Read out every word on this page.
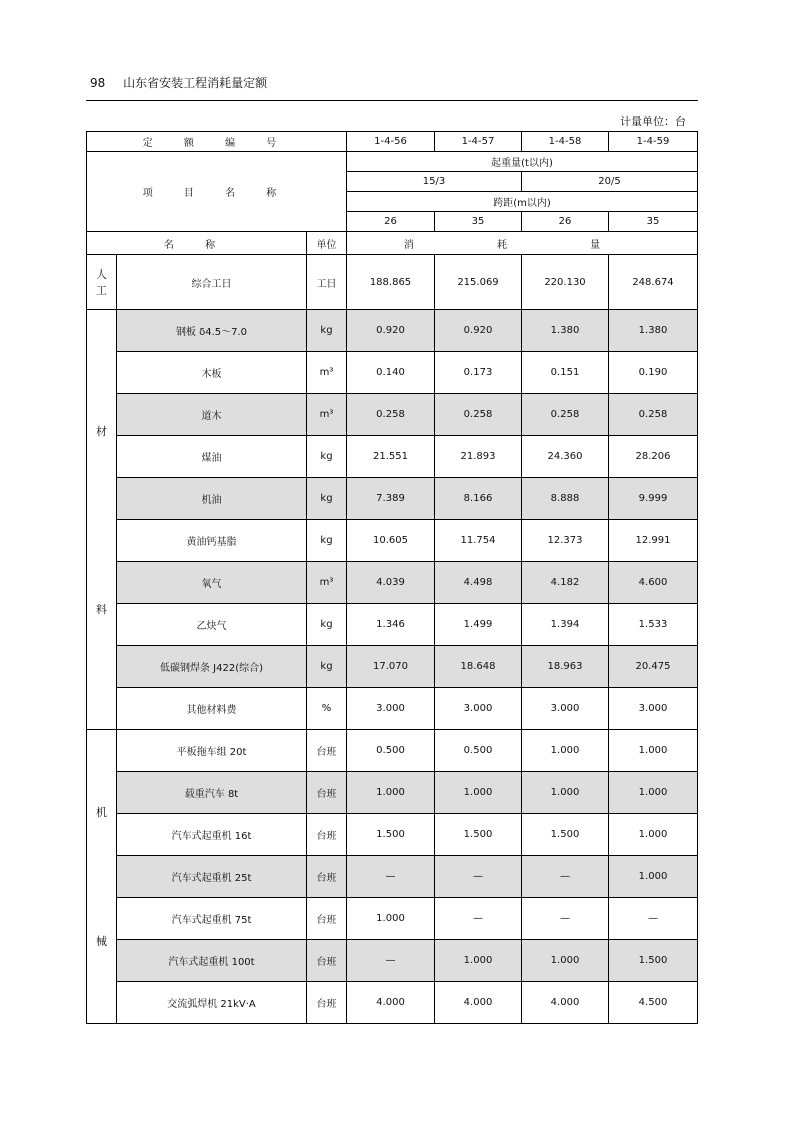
98 山东省安装工程消耗量定额
计量单位：台
定 额 编 号			1-4-56	1-4-57	1-4-58	1-4-59
项 目 名 称			起重量(t以内)			
			15/3		20/5	
			跨距(m以内)			
			26	35	26	35
名 称		单位	消 耗 量			

人
工	综合工日	工日	188.865	215.069	220.130	248.674

材
料	钢板 δ4.5～7.0	kg	0.920	0.920	1.380	1.380
	木板	m³	0.140	0.173	0.151	0.190
	道木	m³	0.258	0.258	0.258	0.258
	煤油	kg	21.551	21.893	24.360	28.206
	机油	kg	7.389	8.166	8.888	9.999
	黄油钙基脂	kg	10.605	11.754	12.373	12.991
	氧气	m³	4.039	4.498	4.182	4.600
	乙炔气	kg	1.346	1.499	1.394	1.533
	低碳钢焊条 J422(综合)	kg	17.070	18.648	18.963	20.475
	其他材料费	%	3.000	3.000	3.000	3.000

机
械	平板拖车组 20t	台班	0.500	0.500	1.000	1.000
	载重汽车 8t	台班	1.000	1.000	1.000	1.000
	汽车式起重机 16t	台班	1.500	1.500	1.500	1.000
	汽车式起重机 25t	台班	—	—	—	1.000
	汽车式起重机 75t	台班	1.000	—	—	—
	汽车式起重机 100t	台班	—	1.000	1.000	1.500
	交流弧焊机 21kV·A	台班	4.000	4.000	4.000	4.500
